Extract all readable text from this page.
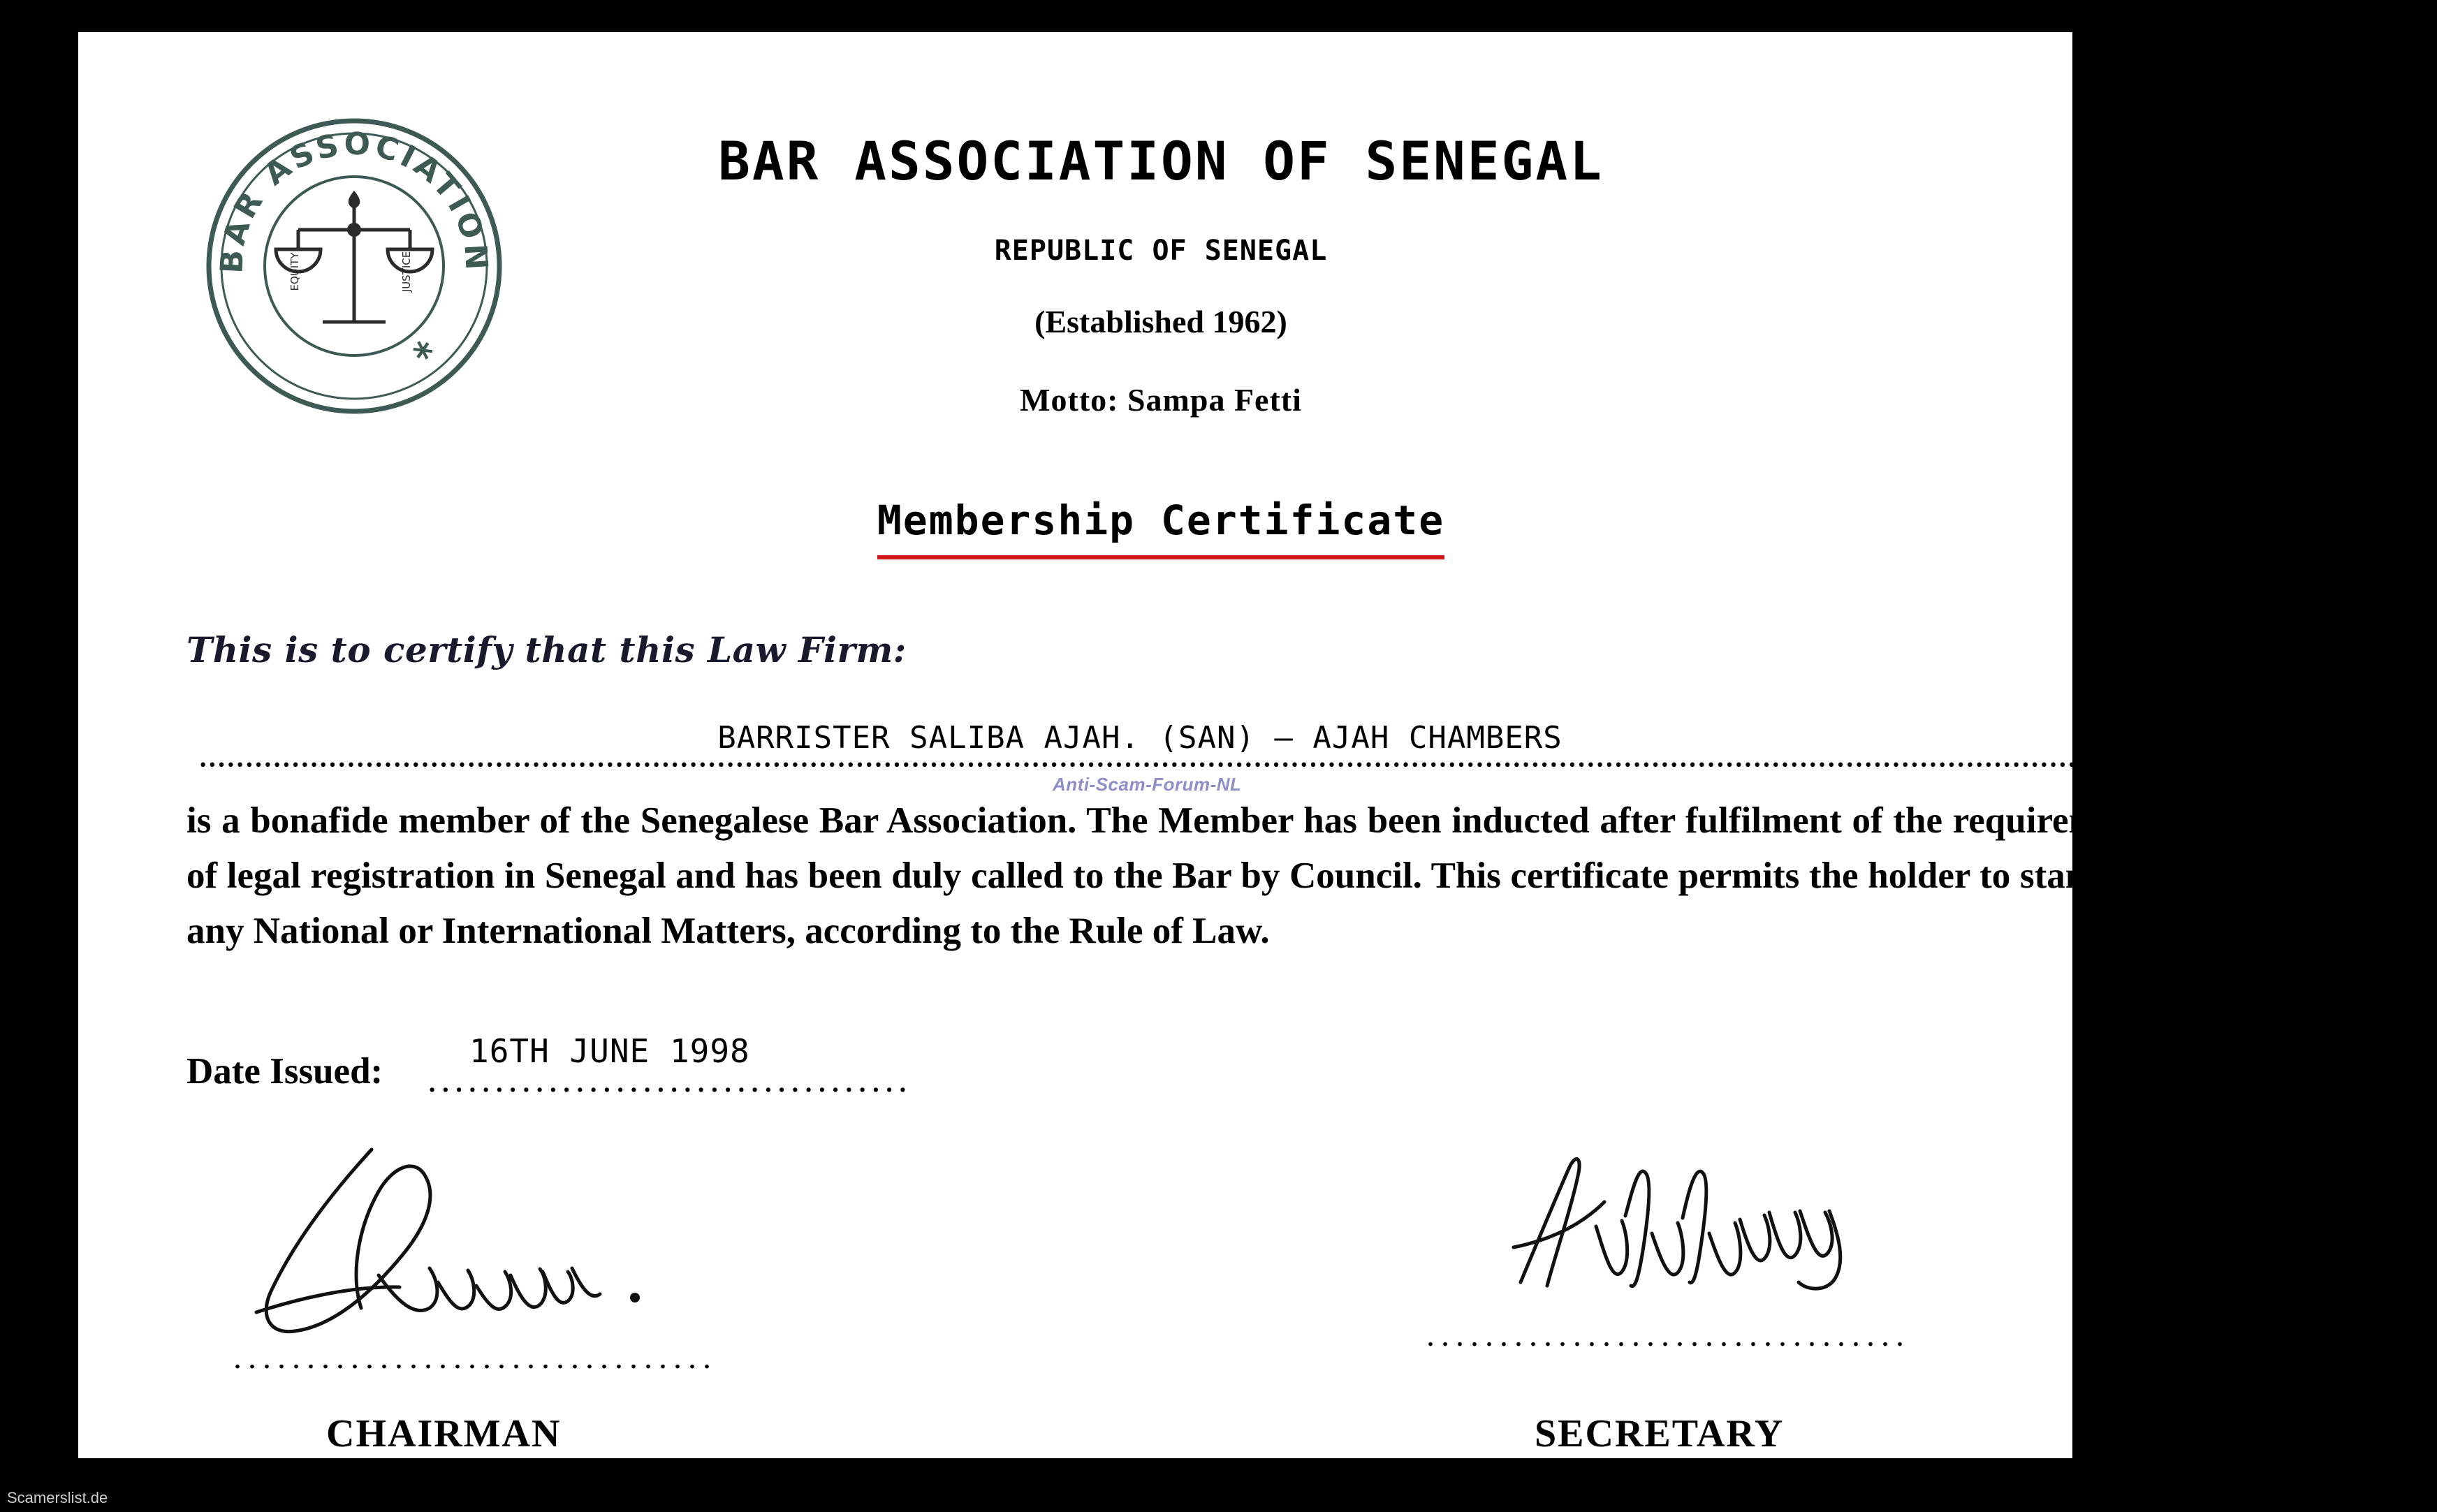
BAR ASSOCIATION
*
EQUITY	JUSTICE
BAR ASSOCIATION OF SENEGAL
REPUBLIC OF SENEGAL
(Established 1962)
Motto: Sampa Fetti
Membership Certificate
This is to certify that this Law Firm:
BARRISTER SALIBA AJAH. (SAN) — AJAH CHAMBERS
••••••••••••••••••••••••••••••••••••••••••••••••••••••••••••••••••••••••••••••••••••••••••••••••••••••••••••••••••••••••••••••••••••••••••••••••••••••••••••••••••••••••••••••••••••••••••••••••••••••••••••••••••••••••••••••••••••••••••••••••••
Anti-Scam-Forum-NL
is a bonafide member of the Senegalese Bar Association. The Member has been inducted after fulfilment of the requirements of legal registration in Senegal and has been duly called to the Bar by Council. This certificate permits the holder to stand for any National or International Matters, according to the Rule of Law.
Date Issued: ....................................
16TH JUNE 1998
.................................
.................................
CHAIRMAN	SECRETARY
Scamerslist.de
